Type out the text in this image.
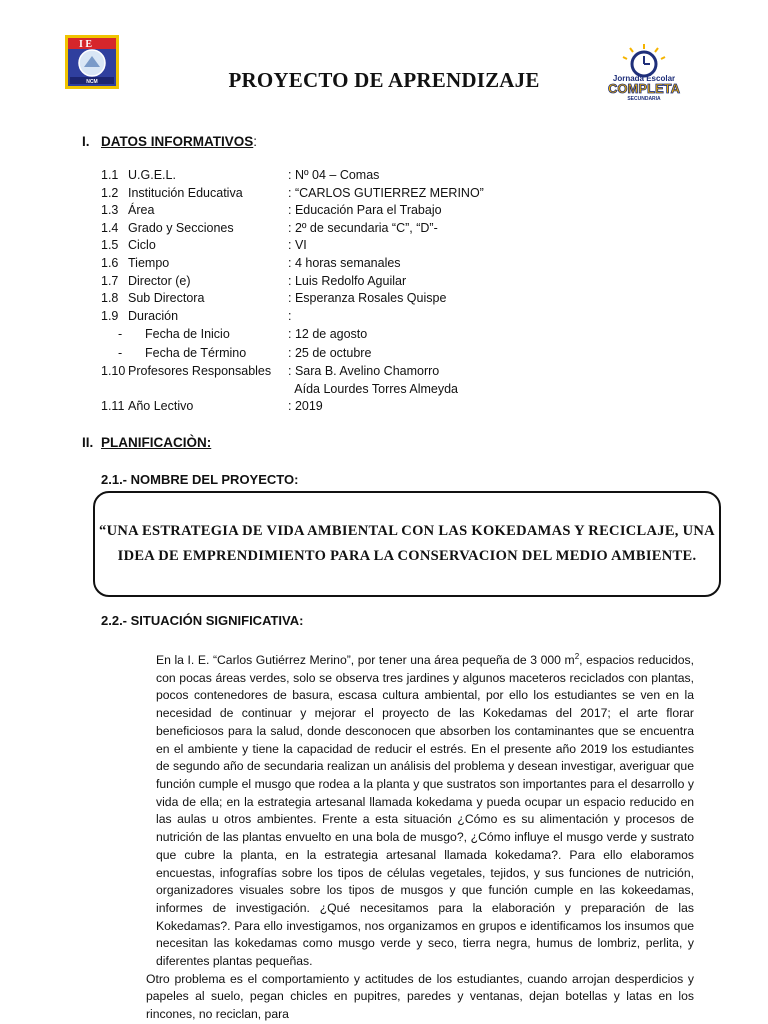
I E
NCM	PROYECTO DE APRENDIZAJE	Jornada Escolar
COMPLETA
SECUNDARIA
I. DATOS INFORMATIVOS:
1.1 U.G.E.L.	: Nº 04 – Comas
1.2 Institución Educativa	: “CARLOS GUTIERREZ MERINO”
1.3 Área	: Educación Para el Trabajo
1.4 Grado y Secciones	: 2º de secundaria “C”, “D”-
1.5 Ciclo	: VI
1.6 Tiempo	: 4 horas semanales
1.7 Director (e)	: Luis Redolfo Aguilar
1.8 Sub Directora	: Esperanza Rosales Quispe
1.9 Duración	:
- Fecha de Inicio	: 12 de agosto
- Fecha de Término	: 25 de octubre
1.10 Profesores Responsables : Sara B. Avelino Chamorro
Aída Lourdes Torres Almeyda
1.11 Año Lectivo	: 2019
II. PLANIFICACIÒN:
2.1.- NOMBRE DEL PROYECTO:
“UNA ESTRATEGIA DE VIDA AMBIENTAL CON LAS KOKEDAMAS Y RECICLAJE, UNA IDEA DE EMPRENDIMIENTO PARA LA CONSERVACION DEL MEDIO AMBIENTE.
2.2.- SITUACIÓN SIGNIFICATIVA:

En la I. E. “Carlos Gutiérrez Merino”, por tener una área pequeña de 3 000 $m^2$, espacios reducidos, con pocas áreas verdes, solo se observa tres jardines y algunos maceteros reciclados con plantas, pocos contenedores de basura, escasa cultura ambiental, por ello los estudiantes se ven en la necesidad de continuar y mejorar el proyecto de las Kokedamas del 2017; el arte florar beneficiosos para la salud, donde desconocen que absorben los contaminantes que se encuentra en el ambiente y tiene la capacidad de reducir el estrés. En el presente año 2019 los estudiantes de segundo año de secundaria realizan un análisis del problema y desean investigar, averiguar que función cumple el musgo que rodea a la planta y que sustratos son importantes para el desarrollo y vida de ella; en la estrategia artesanal llamada kokedama y pueda ocupar un espacio reducido en las aulas u otros ambientes. Frente a esta situación ¿Cómo es su alimentación y procesos de nutrición de las plantas envuelto en una bola de musgo?, ¿Cómo influye el musgo verde y sustrato que cubre la planta, en la estrategia artesanal llamada kokedama?. Para ello elaboramos encuestas, infografías sobre los tipos de células vegetales, tejidos, y sus funciones de nutrición, organizadores visuales sobre los tipos de musgos y que función cumple en las kokeedamas, informes de investigación. ¿Qué necesitamos para la elaboración y preparación de las Kokedamas?. Para ello investigamos, nos organizamos en grupos e identificamos los insumos que necesitan las kokedamas como musgo verde y seco, tierra negra, humus de lombriz, perlita, y diferentes plantas pequeñas.

Otro problema es el comportamiento y actitudes de los estudiantes, cuando arrojan desperdicios y papeles al suelo, pegan chicles en pupitres, paredes y ventanas, dejan botellas y latas en los rincones, no reciclan, para
